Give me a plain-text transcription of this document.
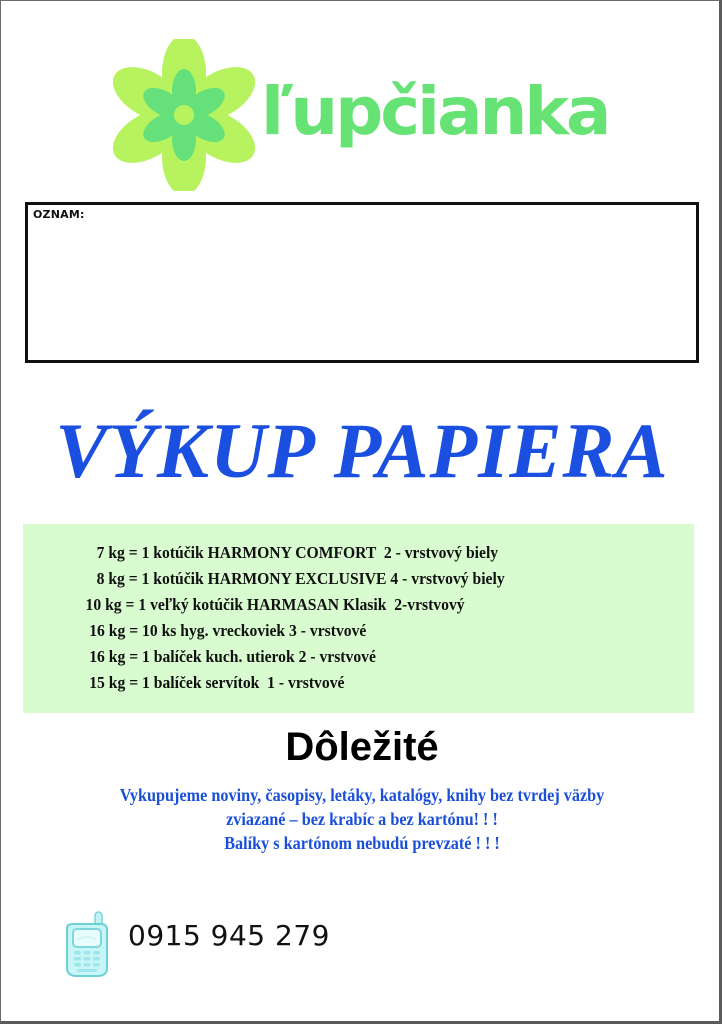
ľupčianka
OZNAM:
VÝKUP PAPIERA
7 kg = 1 kotúčik HARMONY COMFORT  2 - vrstvový biely
8 kg = 1 kotúčik HARMONY EXCLUSIVE 4 - vrstvový biely
10 kg = 1 veľký kotúčik HARMASAN Klasik  2-vrstvový
16 kg = 10 ks hyg. vreckoviek 3 - vrstvové
16 kg = 1 balíček kuch. utierok 2 - vrstvové
15 kg = 1 balíček servítok  1 - vrstvové
Dôležité
Vykupujeme noviny, časopisy, letáky, katalógy, knihy bez tvrdej väzby
zviazané – bez krabíc a bez kartónu! ! !
Balíky s kartónom nebudú prevzaté ! ! !
0915 945 279
